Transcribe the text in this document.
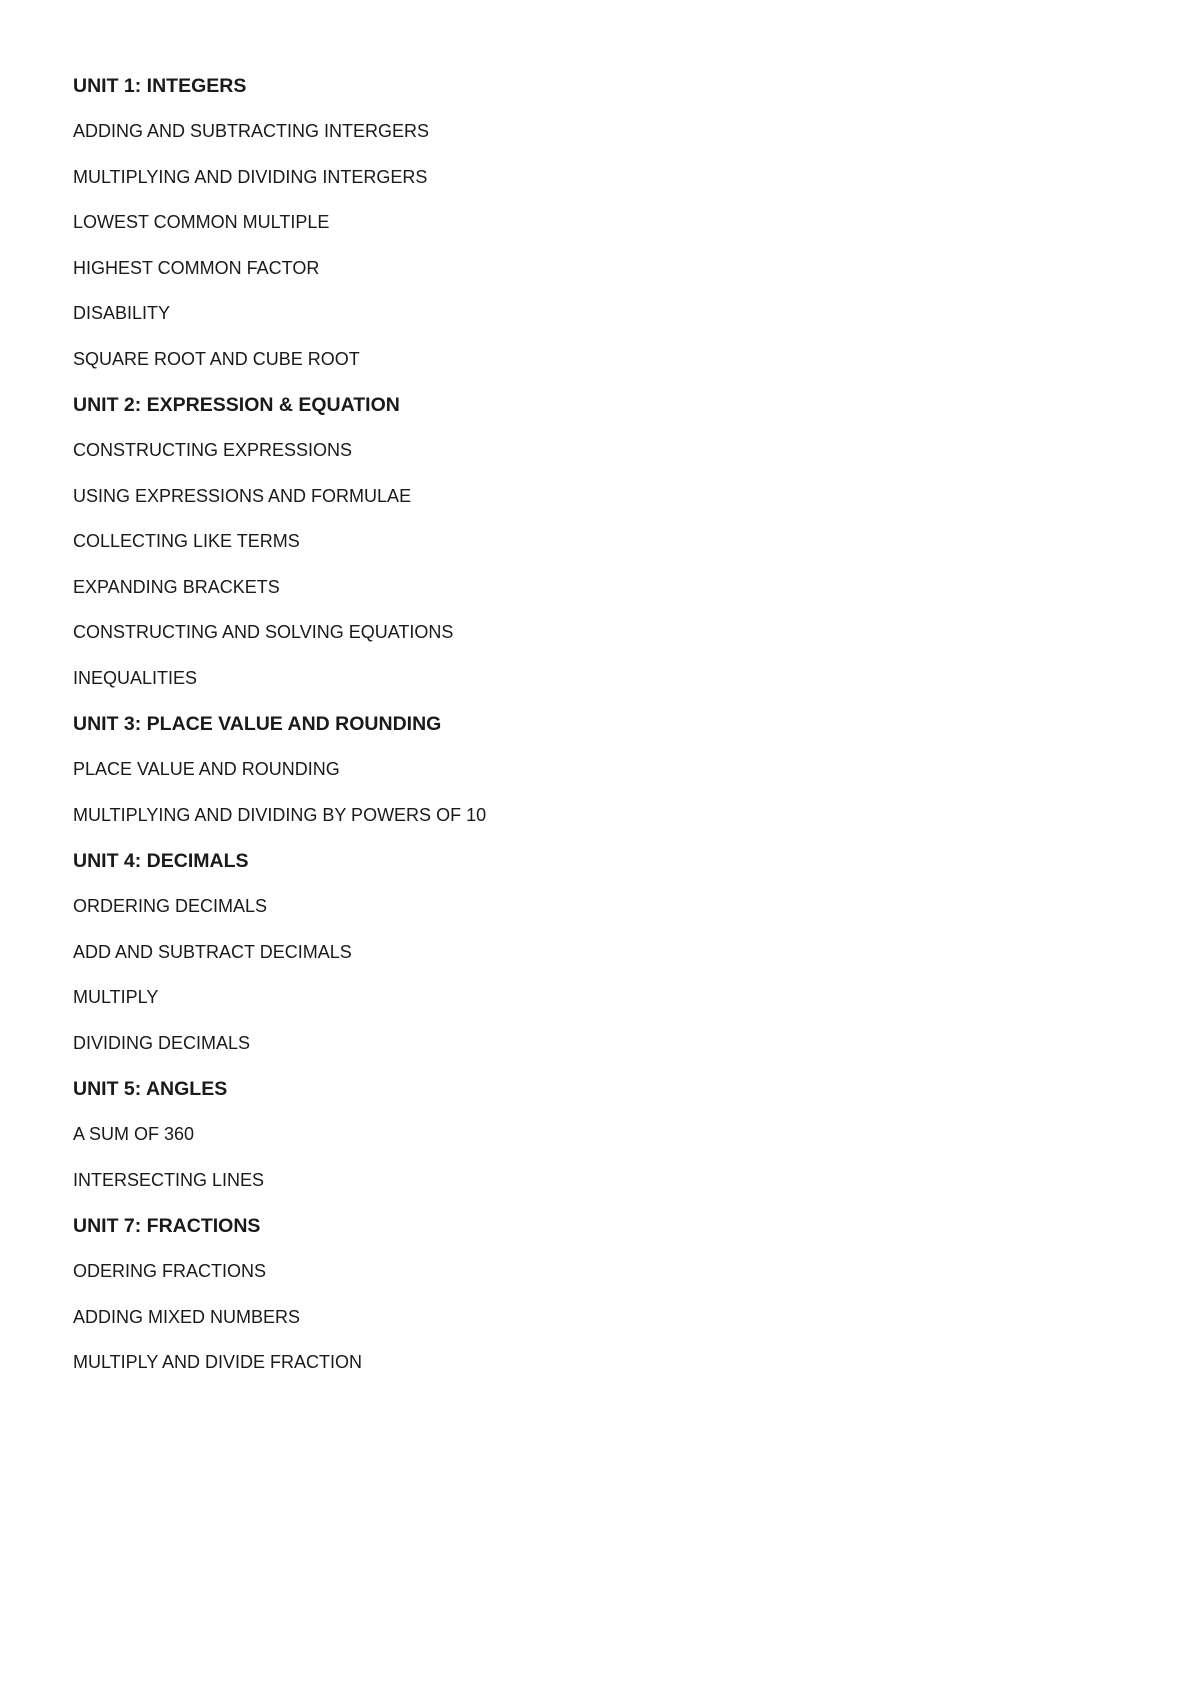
UNIT 1: INTEGERS
ADDING AND SUBTRACTING INTERGERS
MULTIPLYING AND DIVIDING INTERGERS
LOWEST COMMON MULTIPLE
HIGHEST COMMON FACTOR
DISABILITY
SQUARE ROOT AND CUBE ROOT
UNIT 2: EXPRESSION & EQUATION
CONSTRUCTING EXPRESSIONS
USING EXPRESSIONS AND FORMULAE
COLLECTING LIKE TERMS
EXPANDING BRACKETS
CONSTRUCTING AND SOLVING EQUATIONS
INEQUALITIES
UNIT 3: PLACE VALUE AND ROUNDING
PLACE VALUE AND ROUNDING
MULTIPLYING AND DIVIDING BY POWERS OF 10
UNIT 4: DECIMALS
ORDERING DECIMALS
ADD AND SUBTRACT DECIMALS
MULTIPLY
DIVIDING DECIMALS
UNIT 5: ANGLES
A SUM OF 360
INTERSECTING LINES
UNIT 7: FRACTIONS
ODERING FRACTIONS
ADDING MIXED NUMBERS
MULTIPLY AND DIVIDE FRACTION
